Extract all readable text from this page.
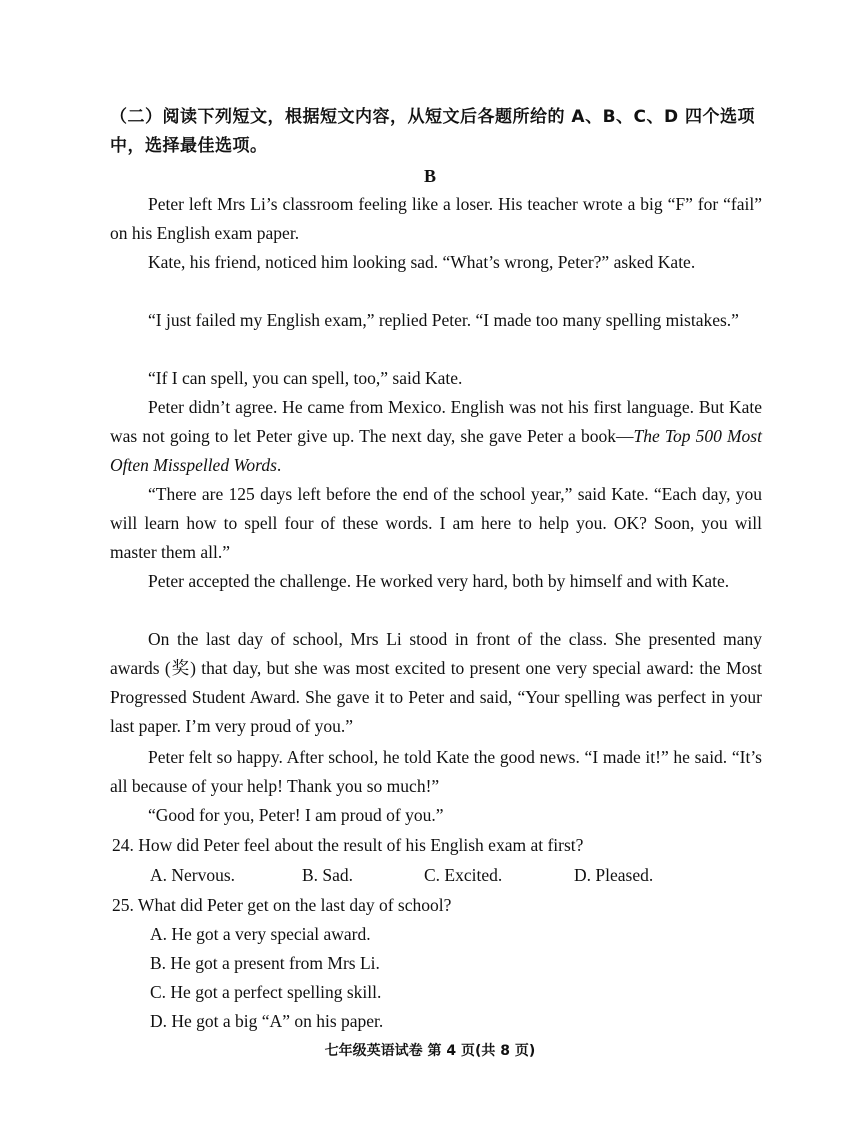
（二）阅读下列短文，根据短文内容，从短文后各题所给的 A、B、C、D 四个选项中，选择最佳选项。
B

Peter left Mrs Li’s classroom feeling like a loser. His teacher wrote a big “F” for “fail” on his English exam paper.

Kate, his friend, noticed him looking sad. “What’s wrong, Peter?” asked Kate.

“I just failed my English exam,” replied Peter. “I made too many spelling mistakes.”

“If I can spell, you can spell, too,” said Kate.

Peter didn’t agree. He came from Mexico. English was not his first language. But Kate was not going to let Peter give up. The next day, she gave Peter a book—The Top 500 Most Often Misspelled Words.

“There are 125 days left before the end of the school year,” said Kate. “Each day, you will learn how to spell four of these words. I am here to help you. OK? Soon, you will master them all.”

Peter accepted the challenge. He worked very hard, both by himself and with Kate.

On the last day of school, Mrs Li stood in front of the class. She presented many awards (奖) that day, but she was most excited to present one very special award: the Most Progressed Student Award. She gave it to Peter and said, “Your spelling was perfect in your last paper. I’m very proud of you.”

Peter felt so happy. After school, he told Kate the good news. “I made it!” he said. “It’s all because of your help! Thank you so much!”

“Good for you, Peter! I am proud of you.”

24. How did Peter feel about the result of his English exam at first?
A. Nervous.	B. Sad.	C. Excited.	D. Pleased.
25. What did Peter get on the last day of school?
A. He got a very special award.
B. He got a present from Mrs Li.
C. He got a perfect spelling skill.
D. He got a big “A” on his paper.
七年级英语试卷 第 4 页(共 8 页)
